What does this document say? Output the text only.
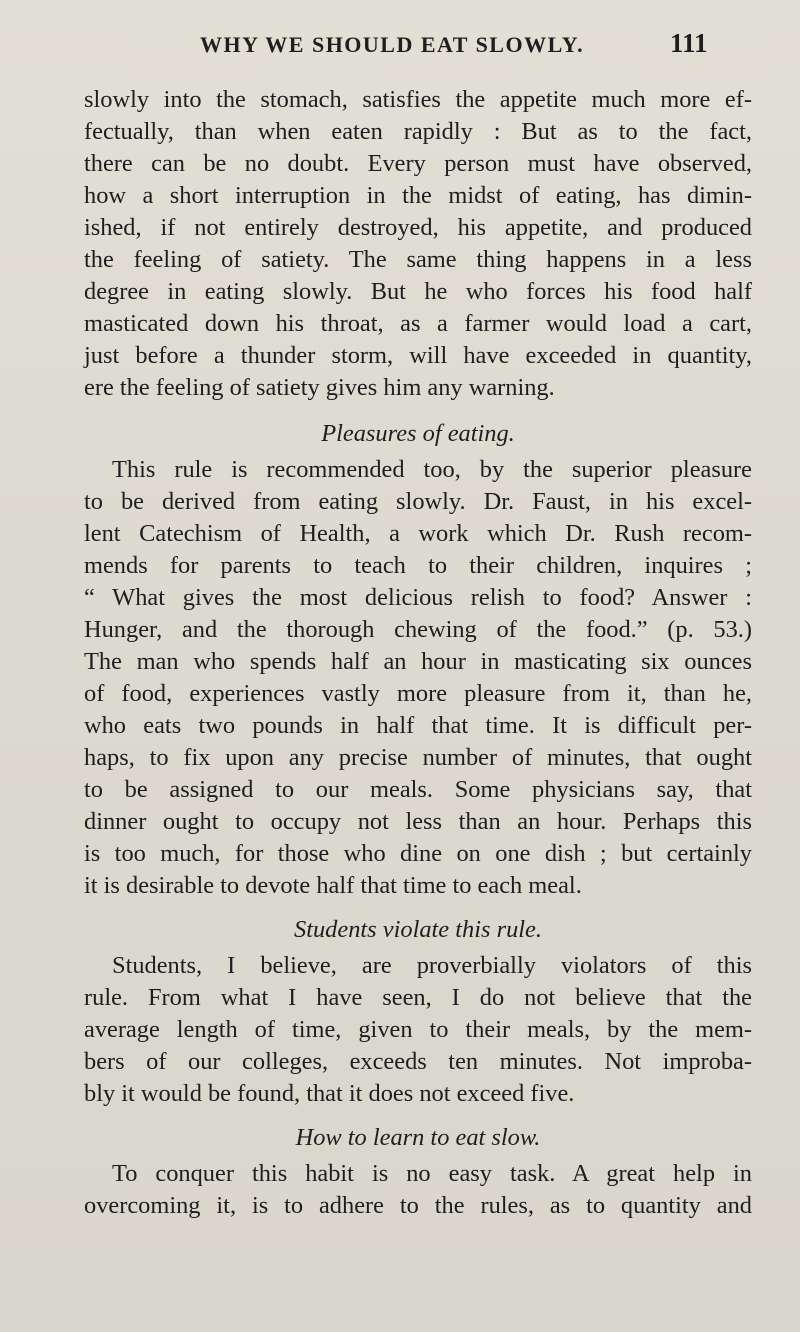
WHY WE SHOULD EAT SLOWLY.	111
slowly into the stomach, satisfies the appetite much more ef-
fectually, than when eaten rapidly : But as to the fact,
there can be no doubt. Every person must have observed,
how a short interruption in the midst of eating, has dimin-
ished, if not entirely destroyed, his appetite, and produced
the feeling of satiety. The same thing happens in a less
degree in eating slowly. But he who forces his food half
masticated down his throat, as a farmer would load a cart,
just before a thunder storm, will have exceeded in quantity,
ere the feeling of satiety gives him any warning.

Pleasures of eating.

This rule is recommended too, by the superior pleasure
to be derived from eating slowly. Dr. Faust, in his excel-
lent Catechism of Health, a work which Dr. Rush recom-
mends for parents to teach to their children, inquires ;
“ What gives the most delicious relish to food? Answer :
Hunger, and the thorough chewing of the food.” (p. 53.)
The man who spends half an hour in masticating six ounces
of food, experiences vastly more pleasure from it, than he,
who eats two pounds in half that time. It is difficult per-
haps, to fix upon any precise number of minutes, that ought
to be assigned to our meals. Some physicians say, that
dinner ought to occupy not less than an hour. Perhaps this
is too much, for those who dine on one dish ; but certainly
it is desirable to devote half that time to each meal.

Students violate this rule.

Students, I believe, are proverbially violators of this
rule. From what I have seen, I do not believe that the
average length of time, given to their meals, by the mem-
bers of our colleges, exceeds ten minutes. Not improba-
bly it would be found, that it does not exceed five.

How to learn to eat slow.

To conquer this habit is no easy task. A great help in
overcoming it, is to adhere to the rules, as to quantity and
